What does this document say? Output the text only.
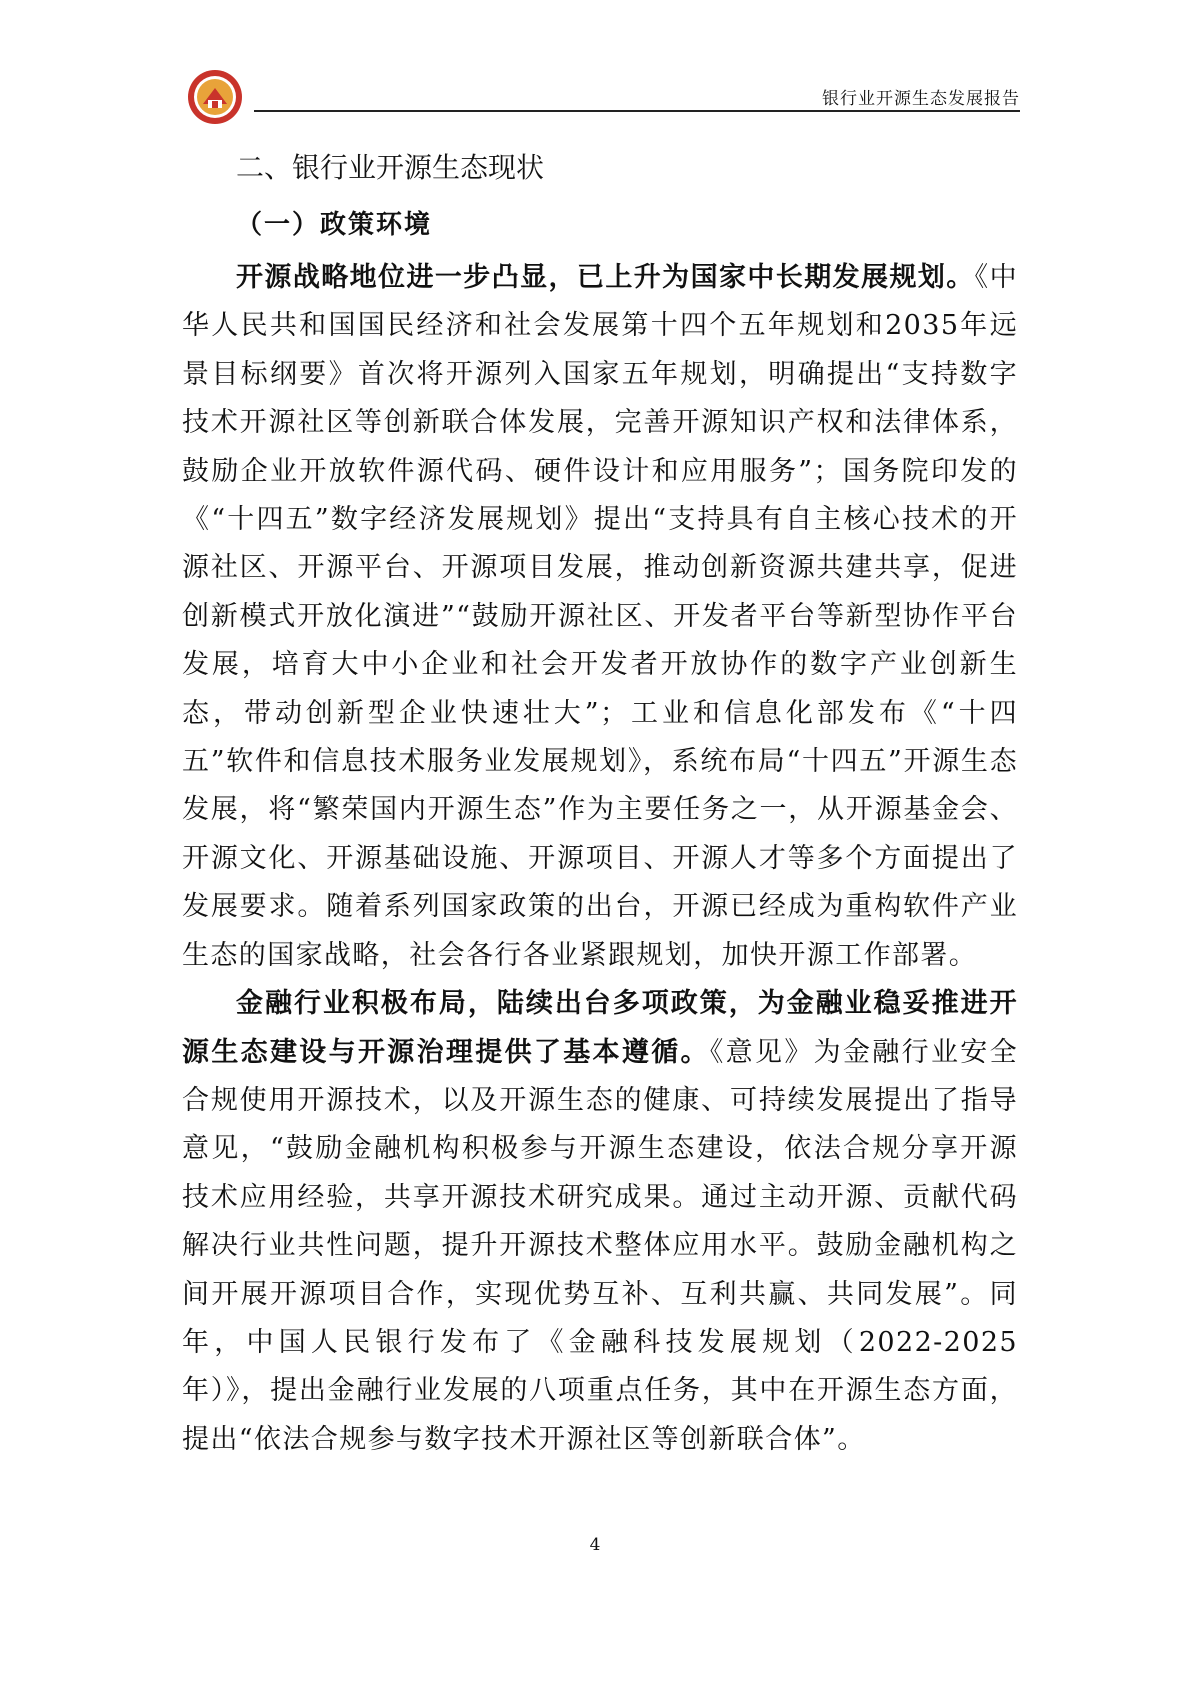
银行业开源生态发展报告
二、银行业开源生态现状
（一）政策环境

开源战略地位进一步凸显，已上升为国家中长期发展规划。《中华人民共和国国民经济和社会发展第十四个五年规划和2035年远景目标纲要》首次将开源列入国家五年规划，明确提出“支持数字技术开源社区等创新联合体发展，完善开源知识产权和法律体系，鼓励企业开放软件源代码、硬件设计和应用服务”；国务院印发的《“十四五”数字经济发展规划》提出“支持具有自主核心技术的开源社区、开源平台、开源项目发展，推动创新资源共建共享，促进创新模式开放化演进”“鼓励开源社区、开发者平台等新型协作平台发展，培育大中小企业和社会开发者开放协作的数字产业创新生态，带动创新型企业快速壮大”；工业和信息化部发布《“十四五”软件和信息技术服务业发展规划》，系统布局“十四五”开源生态发展，将“繁荣国内开源生态”作为主要任务之一，从开源基金会、开源文化、开源基础设施、开源项目、开源人才等多个方面提出了发展要求。随着系列国家政策的出台，开源已经成为重构软件产业生态的国家战略，社会各行各业紧跟规划，加快开源工作部署。

金融行业积极布局，陆续出台多项政策，为金融业稳妥推进开源生态建设与开源治理提供了基本遵循。《意见》为金融行业安全合规使用开源技术，以及开源生态的健康、可持续发展提出了指导意见，“鼓励金融机构积极参与开源生态建设，依法合规分享开源技术应用经验，共享开源技术研究成果。通过主动开源、贡献代码解决行业共性问题，提升开源技术整体应用水平。鼓励金融机构之间开展开源项目合作，实现优势互补、互利共赢、共同发展”。同年，中国人民银行发布了《金融科技发展规划（2022-2025年）》，提出金融行业发展的八项重点任务，其中在开源生态方面，提出“依法合规参与数字技术开源社区等创新联合体”。

4
